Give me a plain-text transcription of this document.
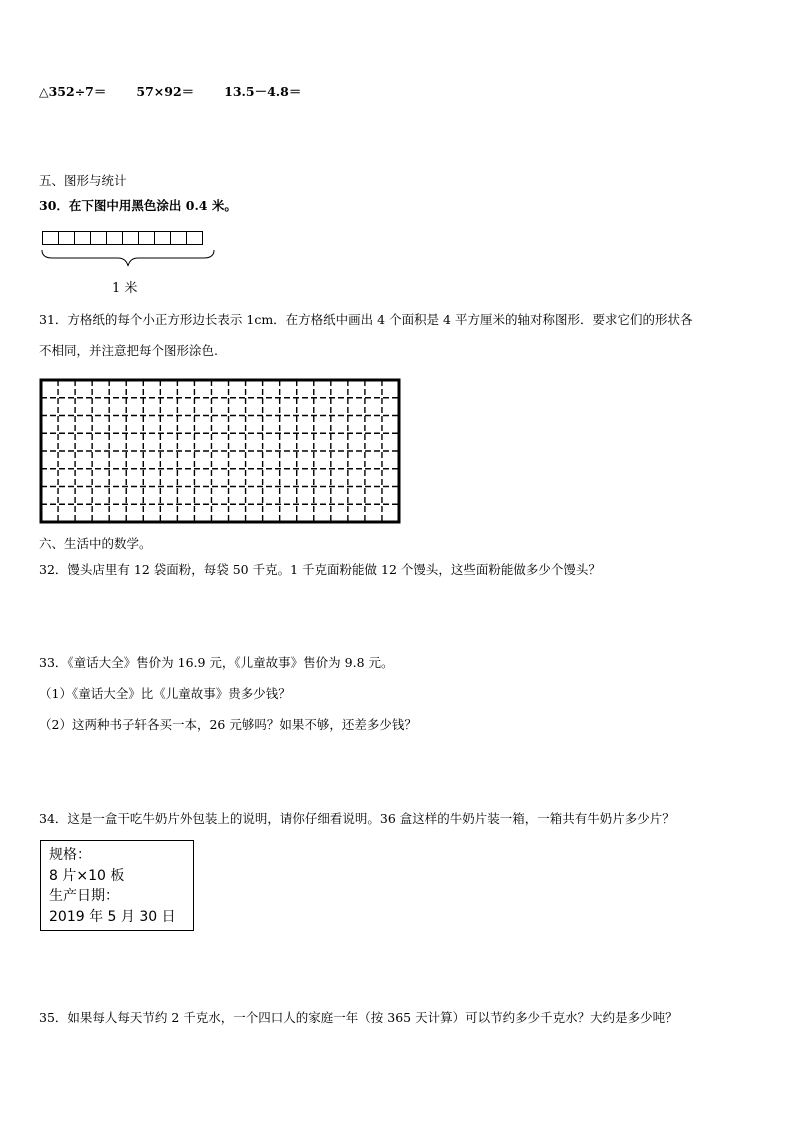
△352÷7＝ 57×92＝ 13.5－4.8＝
五、图形与统计
30．在下图中用黑色涂出 0.4 米。
1 米
31．方格纸的每个小正方形边长表示 1cm．在方格纸中画出 4 个面积是 4 平方厘米的轴对称图形．要求它们的形状各
不相同，并注意把每个图形涂色.
六、生活中的数学。
32．馒头店里有 12 袋面粉，每袋 50 千克。1 千克面粉能做 12 个馒头，这些面粉能做多少个馒头？
33．《童话大全》售价为 16.9 元，《儿童故事》售价为 9.8 元。
（1）《童话大全》比《儿童故事》贵多少钱？
（2）这两种书子轩各买一本，26 元够吗？如果不够，还差多少钱？
34．这是一盒干吃牛奶片外包装上的说明，请你仔细看说明。36 盒这样的牛奶片装一箱，一箱共有牛奶片多少片？
规格：
8 片×10 板
生产日期：
2019 年 5 月 30 日
35．如果每人每天节约 2 千克水，一个四口人的家庭一年（按 365 天计算）可以节约多少千克水？大约是多少吨？
